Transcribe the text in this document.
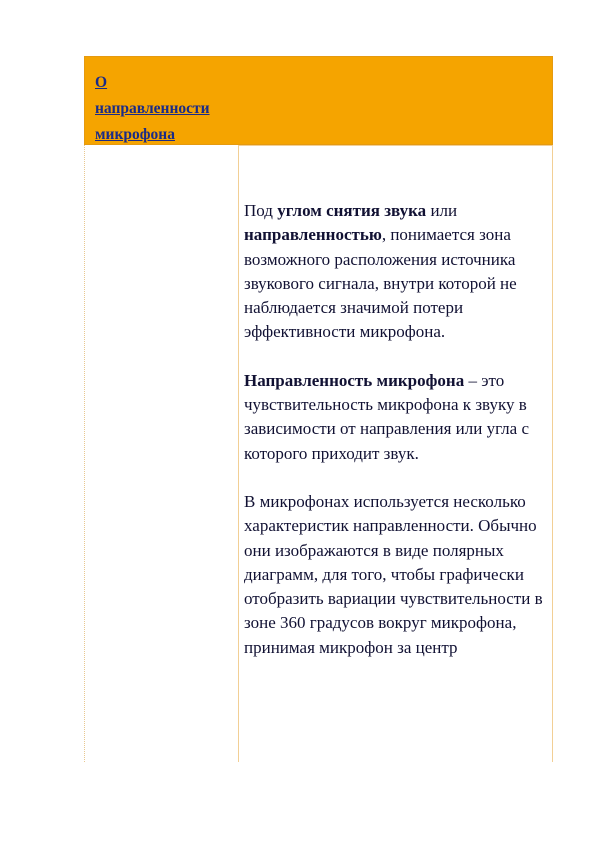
О
направленности
микрофона

Под углом снятия звука или направленностью, понимается зона возможного расположения источника звукового сигнала, внутри которой не наблюдается значимой потери эффективности микрофона.

Направленность микрофона – это чувствительность микрофона к звуку в зависимости от направления или угла с которого приходит звук.

В микрофонах используется несколько характеристик направленности. Обычно они изображаются в виде полярных диаграмм, для того, чтобы графически отобразить вариации чувствительности в зоне 360 градусов вокруг микрофона, принимая микрофон за центр
